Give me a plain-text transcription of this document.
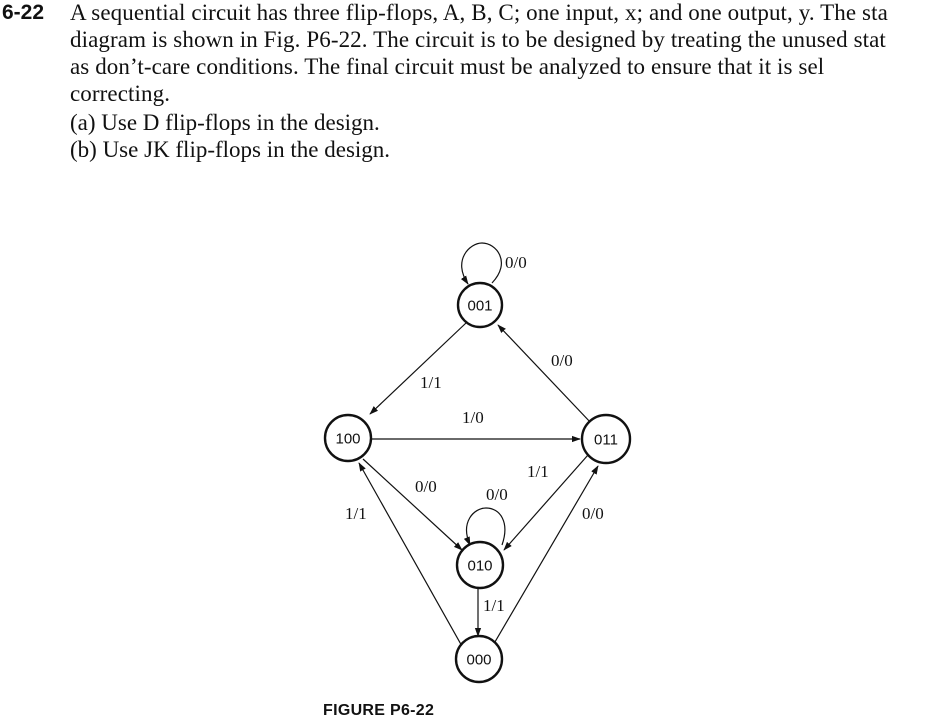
6-22 A sequential circuit has three flip-flops, A, B, C; one input, x; and one output, y. The sta
diagram is shown in Fig. P6-22. The circuit is to be designed by treating the unused stat
as don’t-care conditions. The final circuit must be analyzed to ensure that it is sel
correcting.
(a) Use D flip-flops in the design.
(b) Use JK flip-flops in the design.
001
100	011
010
000
0/0
0/0
1/1
1/0
0/0	0/0
1/1
1/1	0/0
1/1
FIGURE P6-22
